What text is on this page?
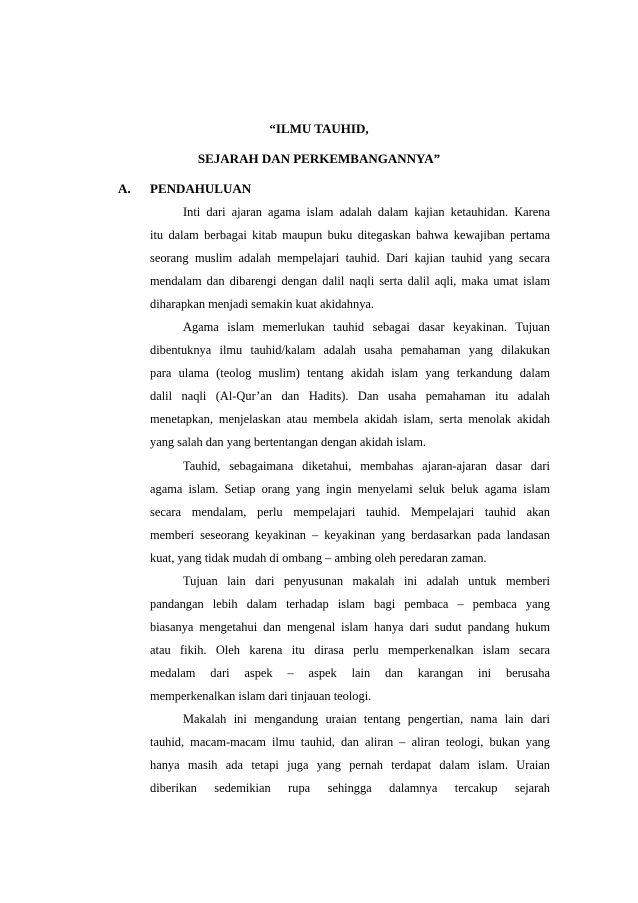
“ILMU TAUHID,
SEJARAH DAN PERKEMBANGANNYA”
A. PENDAHULUAN
Inti dari ajaran agama islam adalah dalam kajian ketauhidan. Karena
itu dalam berbagai kitab maupun buku ditegaskan bahwa kewajiban pertama
seorang muslim adalah mempelajari tauhid. Dari kajian tauhid yang secara
mendalam dan dibarengi dengan dalil naqli serta dalil aqli, maka umat islam
diharapkan menjadi semakin kuat akidahnya.
Agama islam memerlukan tauhid sebagai dasar keyakinan. Tujuan
dibentuknya ilmu tauhid/kalam adalah usaha pemahaman yang dilakukan
para ulama (teolog muslim) tentang akidah islam yang terkandung dalam
dalil naqli (Al-Qur’an dan Hadits). Dan usaha pemahaman itu adalah
menetapkan, menjelaskan atau membela akidah islam, serta menolak akidah
yang salah dan yang bertentangan dengan akidah islam.
Tauhid, sebagaimana diketahui, membahas ajaran-ajaran dasar dari
agama islam. Setiap orang yang ingin menyelami seluk beluk agama islam
secara mendalam, perlu mempelajari tauhid. Mempelajari tauhid akan
memberi seseorang keyakinan – keyakinan yang berdasarkan pada landasan
kuat, yang tidak mudah di ombang – ambing oleh peredaran zaman.
Tujuan lain dari penyusunan makalah ini adalah untuk memberi
pandangan lebih dalam terhadap islam bagi pembaca – pembaca yang
biasanya mengetahui dan mengenal islam hanya dari sudut pandang hukum
atau fikih. Oleh karena itu dirasa perlu memperkenalkan islam secara
medalam dari aspek – aspek lain dan karangan ini berusaha
memperkenalkan islam dari tinjauan teologi.
Makalah ini mengandung uraian tentang pengertian, nama lain dari
tauhid, macam-macam ilmu tauhid, dan aliran – aliran teologi, bukan yang
hanya masih ada tetapi juga yang pernah terdapat dalam islam. Uraian
diberikan sedemikian rupa sehingga dalamnya tercakup sejarah
